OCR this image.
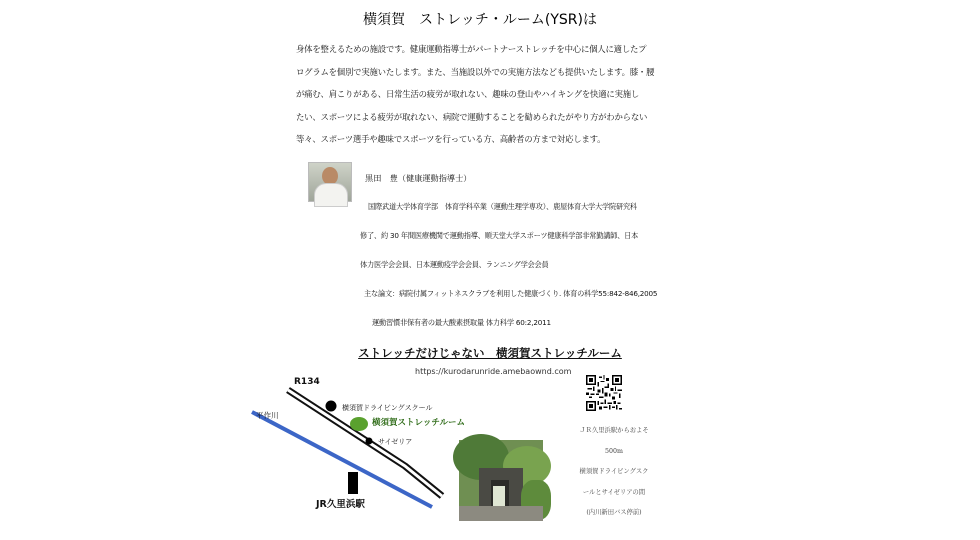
横須賀　ストレッチ・ルーム(YSR)は
身体を整えるための施設です。健康運動指導士がパートナーストレッチを中心に個人に適したプ
ログラムを個別で実施いたします。また、当施設以外での実施方法なども提供いたします。膝・腰
が痛む、肩こりがある、日常生活の疲労が取れない、趣味の登山やハイキングを快適に実施し
たい、スポーツによる疲労が取れない、病院で運動することを勧められたがやり方がわからない
等々、スポーツ選手や趣味でスポーツを行っている方、高齢者の方まで対応します。
黒田　豊（健康運動指導士）
国際武道大学体育学部　体育学科卒業（運動生理学専攻）、鹿屋体育大学大学院研究科
修了、約 30 年間医療機関で運動指導、順天堂大学スポーツ健康科学部非常勤講師、日本
体力医学会会員、日本運動疫学会会員、ランニング学会会員
主な論文：病院付属フィットネスクラブを利用した健康づくり. 体育の科学55:842-846,2005
運動習慣非保有者の最大酸素摂取量 体力科学 60:2,2011
ストレッチだけじゃない　横須賀ストレッチルーム
https://kurodarunride.amebaownd.com
ＪＲ久里浜駅からおよそ
500m
横須賀ドライビングスク
ールとサイゼリアの間
(内川新田バス停前)
R134
平作川
横須賀ドライビングスクール
横須賀ストレッチルーム
サイゼリア
JR久里浜駅
